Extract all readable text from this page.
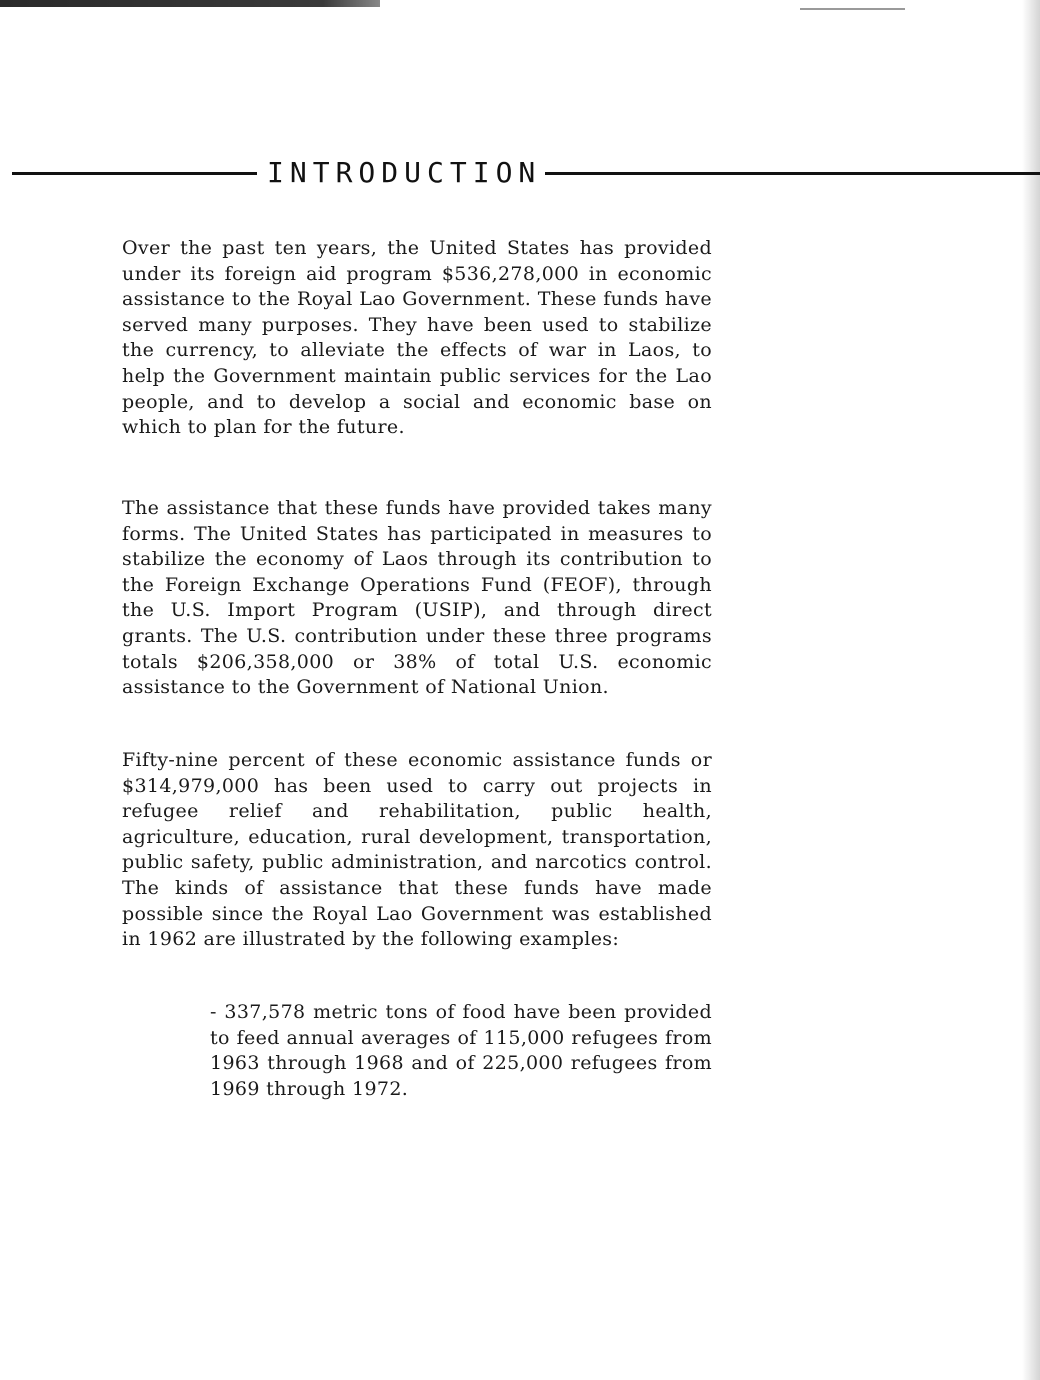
INTRODUCTION

Over the past ten years, the United States has provided under its foreign aid program $536,278,000 in economic assistance to the Royal Lao Government. These funds have served many purposes. They have been used to stabilize the currency, to alleviate the effects of war in Laos, to help the Government maintain public services for the Lao people, and to develop a social and economic base on which to plan for the future.

The assistance that these funds have provided takes many forms. The United States has participated in measures to stabilize the economy of Laos through its contribution to the Foreign Exchange Operations Fund (FEOF), through the U.S. Import Program (USIP), and through direct grants. The U.S. contribution under these three programs totals $206,358,000 or 38% of total U.S. economic assistance to the Government of National Union.

Fifty-nine percent of these economic assistance funds or $314,979,000 has been used to carry out projects in refugee relief and rehabilitation, public health, agriculture, education, rural development, transportation, public safety, public administration, and narcotics control. The kinds of assistance that these funds have made possible since the Royal Lao Government was established in 1962 are illustrated by the following examples:

- 337,578 metric tons of food have been provided to feed annual averages of 115,000 refugees from 1963 through 1968 and of 225,000 refugees from 1969 through 1972.
